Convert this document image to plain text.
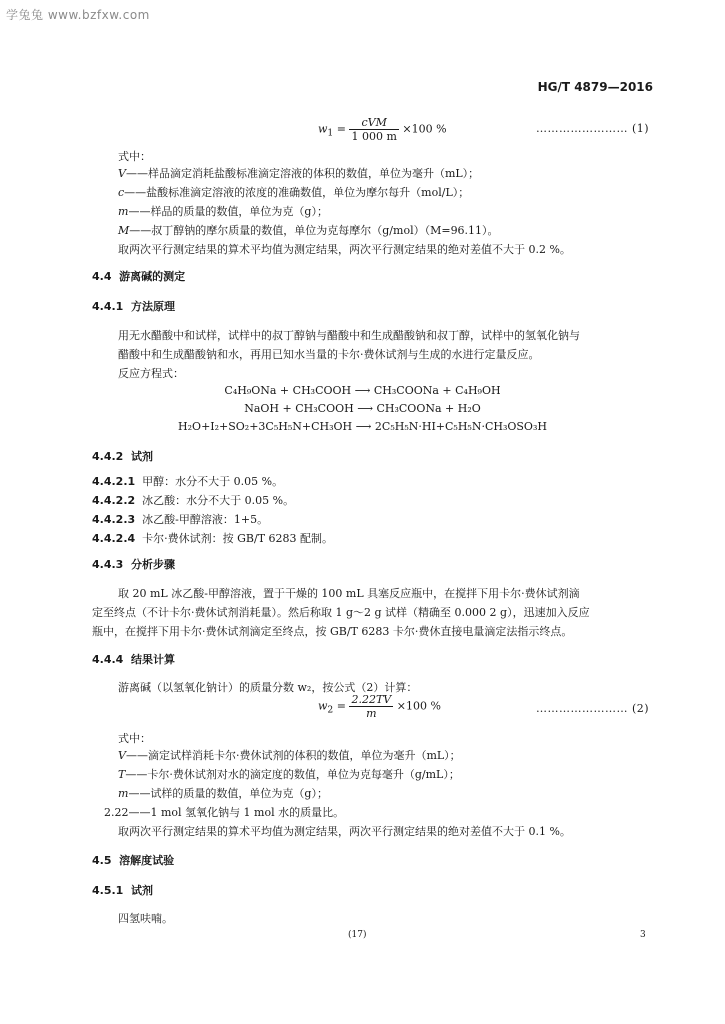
学兔兔 www.bzfxw.com
HG/T 4879—2016
$w_1 = \frac{\text{cVM}}{1 000 m} \times 100$ %	…………………… (1)
式中：
V——样品滴定消耗盐酸标准滴定溶液的体积的数值，单位为毫升（mL）；
c——盐酸标准滴定溶液的浓度的准确数值，单位为摩尔每升（mol/L）；
m——样品的质量的数值，单位为克（g）；
M——叔丁醇钠的摩尔质量的数值，单位为克每摩尔（g/mol）（M=96.11）。
取两次平行测定结果的算术平均值为测定结果，两次平行测定结果的绝对差值不大于 0.2 %。
4.4 游离碱的测定
4.4.1 方法原理
用无水醋酸中和试样，试样中的叔丁醇钠与醋酸中和生成醋酸钠和叔丁醇，试样中的氢氧化钠与
醋酸中和生成醋酸钠和水，再用已知水当量的卡尔·费休试剂与生成的水进行定量反应。
反应方程式：
C₄H₉ONa + CH₃COOH ⟶ CH₃COONa + C₄H₉OH
NaOH + CH₃COOH ⟶ CH₃COONa + H₂O
H₂O+I₂+SO₂+3C₅H₅N+CH₃OH ⟶ 2C₅H₅N·HI+C₅H₅N·CH₃OSO₃H
4.4.2 试剂
4.4.2.1 甲醇：水分不大于 0.05 %。
4.4.2.2 冰乙酸：水分不大于 0.05 %。
4.4.2.3 冰乙酸-甲醇溶液：1+5。
4.4.2.4 卡尔·费休试剂：按 GB/T 6283 配制。
4.4.3 分析步骤
取 20 mL 冰乙酸-甲醇溶液，置于干燥的 100 mL 具塞反应瓶中，在搅拌下用卡尔·费休试剂滴
定至终点（不计卡尔·费休试剂消耗量）。然后称取 1 g～2 g 试样（精确至 0.000 2 g），迅速加入反应
瓶中，在搅拌下用卡尔·费休试剂滴定至终点，按 GB/T 6283 卡尔·费休直接电量滴定法指示终点。
4.4.4 结果计算
游离碱（以氢氧化钠计）的质量分数 w₂，按公式（2）计算：
$w_2 = \frac{2.22TV}{m} \times 100$ %	…………………… (2)
式中：
V——滴定试样消耗卡尔·费休试剂的体积的数值，单位为毫升（mL）；
T——卡尔·费休试剂对水的滴定度的数值，单位为克每毫升（g/mL）；
m——试样的质量的数值，单位为克（g）；
2.22——1 mol 氢氧化钠与 1 mol 水的质量比。
取两次平行测定结果的算术平均值为测定结果，两次平行测定结果的绝对差值不大于 0.1 %。
4.5 溶解度试验
4.5.1 试剂
四氢呋喃。
(17)	3
